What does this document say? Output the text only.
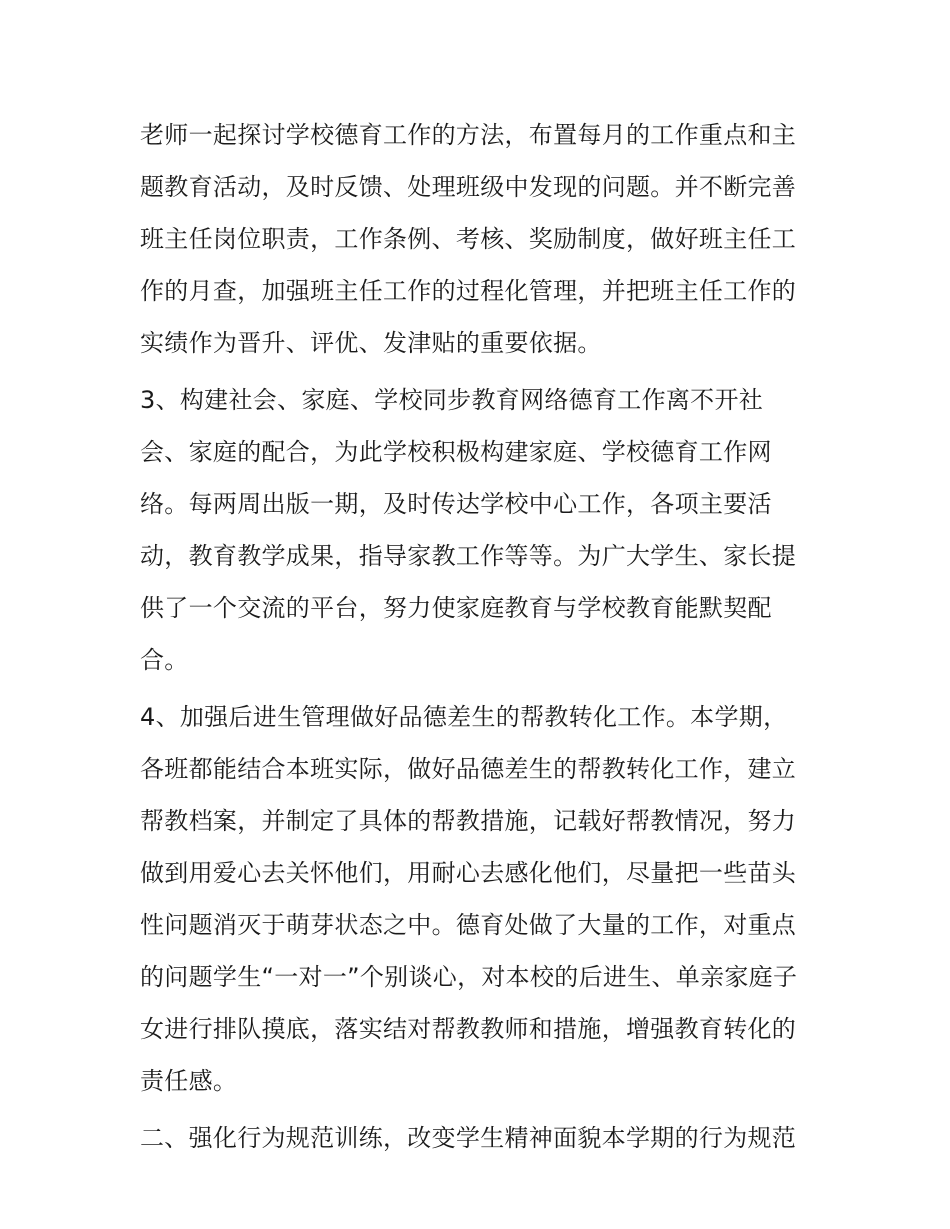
老师一起探讨学校德育工作的方法，布置每月的工作重点和主
题教育活动，及时反馈、处理班级中发现的问题。并不断完善
班主任岗位职责，工作条例、考核、奖励制度，做好班主任工
作的月查，加强班主任工作的过程化管理，并把班主任工作的
实绩作为晋升、评优、发津贴的重要依据。
3、构建社会、家庭、学校同步教育网络德育工作离不开社
会、家庭的配合，为此学校积极构建家庭、学校德育工作网
络。每两周出版一期，及时传达学校中心工作，各项主要活
动，教育教学成果，指导家教工作等等。为广大学生、家长提
供了一个交流的平台，努力使家庭教育与学校教育能默契配
合。
4、加强后进生管理做好品德差生的帮教转化工作。本学期，
各班都能结合本班实际，做好品德差生的帮教转化工作，建立
帮教档案，并制定了具体的帮教措施，记载好帮教情况，努力
做到用爱心去关怀他们，用耐心去感化他们，尽量把一些苗头
性问题消灭于萌芽状态之中。德育处做了大量的工作，对重点
的问题学生“一对一”个别谈心，对本校的后进生、单亲家庭子
女进行排队摸底，落实结对帮教教师和措施，增强教育转化的
责任感。
二、强化行为规范训练，改变学生精神面貌本学期的行为规范
